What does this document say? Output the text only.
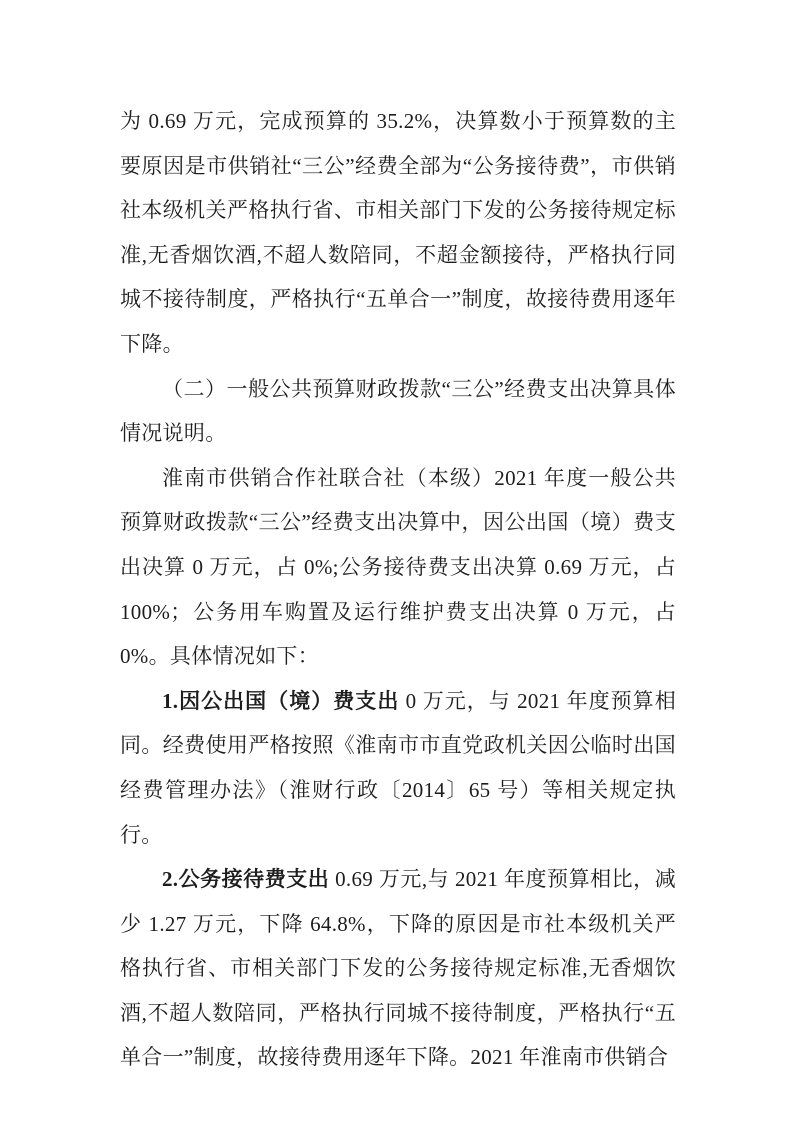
为 0.69 万元，完成预算的 35.2%，决算数小于预算数的主要原因是市供销社“三公”经费全部为“公务接待费”，市供销社本级机关严格执行省、市相关部门下发的公务接待规定标准,无香烟饮酒,不超人数陪同，不超金额接待，严格执行同城不接待制度，严格执行“五单合一”制度，故接待费用逐年下降。

（二）一般公共预算财政拨款“三公”经费支出决算具体情况说明。

淮南市供销合作社联合社（本级）2021 年度一般公共预算财政拨款“三公”经费支出决算中，因公出国（境）费支出决算 0 万元，占 0%;公务接待费支出决算 0.69 万元，占 100%；公务用车购置及运行维护费支出决算 0 万元，占 0%。具体情况如下：

1.因公出国（境）费支出 0 万元，与 2021 年度预算相同。经费使用严格按照《淮南市市直党政机关因公临时出国经费管理办法》（淮财行政〔2014〕65 号）等相关规定执行。

2.公务接待费支出 0.69 万元,与 2021 年度预算相比，减少 1.27 万元，下降 64.8%，下降的原因是市社本级机关严格执行省、市相关部门下发的公务接待规定标准,无香烟饮酒,不超人数陪同，严格执行同城不接待制度，严格执行“五单合一”制度，故接待费用逐年下降。2021 年淮南市供销合
